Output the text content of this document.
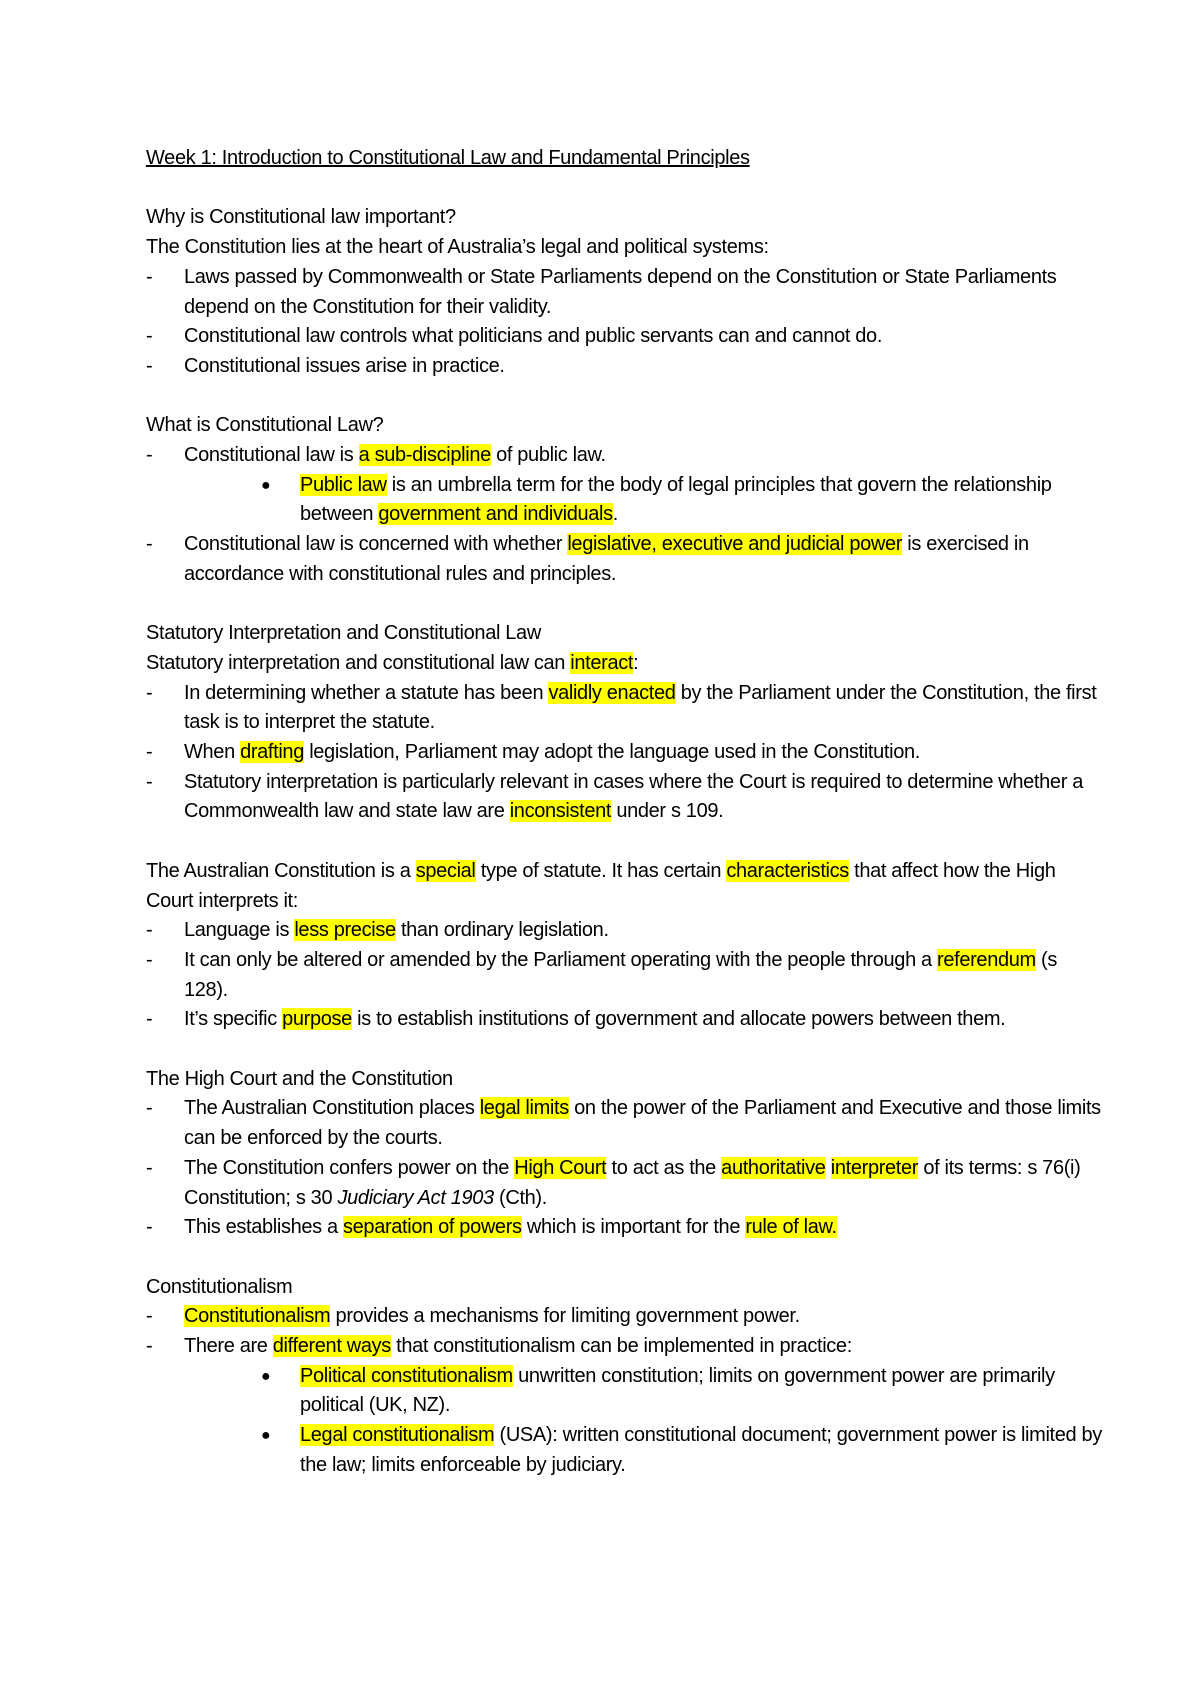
Week 1: Introduction to Constitutional Law and Fundamental Principles
Why is Constitutional law important?
The Constitution lies at the heart of Australia’s legal and political systems:
- Laws passed by Commonwealth or State Parliaments depend on the Constitution or State Parliaments depend on the Constitution for their validity.
- Constitutional law controls what politicians and public servants can and cannot do.
- Constitutional issues arise in practice.
What is Constitutional Law?
- Constitutional law is a sub-discipline of public law.
● Public law is an umbrella term for the body of legal principles that govern the relationship between government and individuals.
- Constitutional law is concerned with whether legislative, executive and judicial power is exercised in accordance with constitutional rules and principles.
Statutory Interpretation and Constitutional Law
Statutory interpretation and constitutional law can interact:
- In determining whether a statute has been validly enacted by the Parliament under the Constitution, the first task is to interpret the statute.
- When drafting legislation, Parliament may adopt the language used in the Constitution.
- Statutory interpretation is particularly relevant in cases where the Court is required to determine whether a Commonwealth law and state law are inconsistent under s 109.
The Australian Constitution is a special type of statute. It has certain characteristics that affect how the High Court interprets it:
- Language is less precise than ordinary legislation.
- It can only be altered or amended by the Parliament operating with the people through a referendum (s 128).
- It’s specific purpose is to establish institutions of government and allocate powers between them.
The High Court and the Constitution
- The Australian Constitution places legal limits on the power of the Parliament and Executive and those limits can be enforced by the courts.
- The Constitution confers power on the High Court to act as the authoritative interpreter of its terms: s 76(i) Constitution; s 30 Judiciary Act 1903 (Cth).
- This establishes a separation of powers which is important for the rule of law.
Constitutionalism
- Constitutionalism provides a mechanisms for limiting government power.
- There are different ways that constitutionalism can be implemented in practice:
● Political constitutionalism unwritten constitution; limits on government power are primarily political (UK, NZ).
● Legal constitutionalism (USA): written constitutional document; government power is limited by the law; limits enforceable by judiciary.
